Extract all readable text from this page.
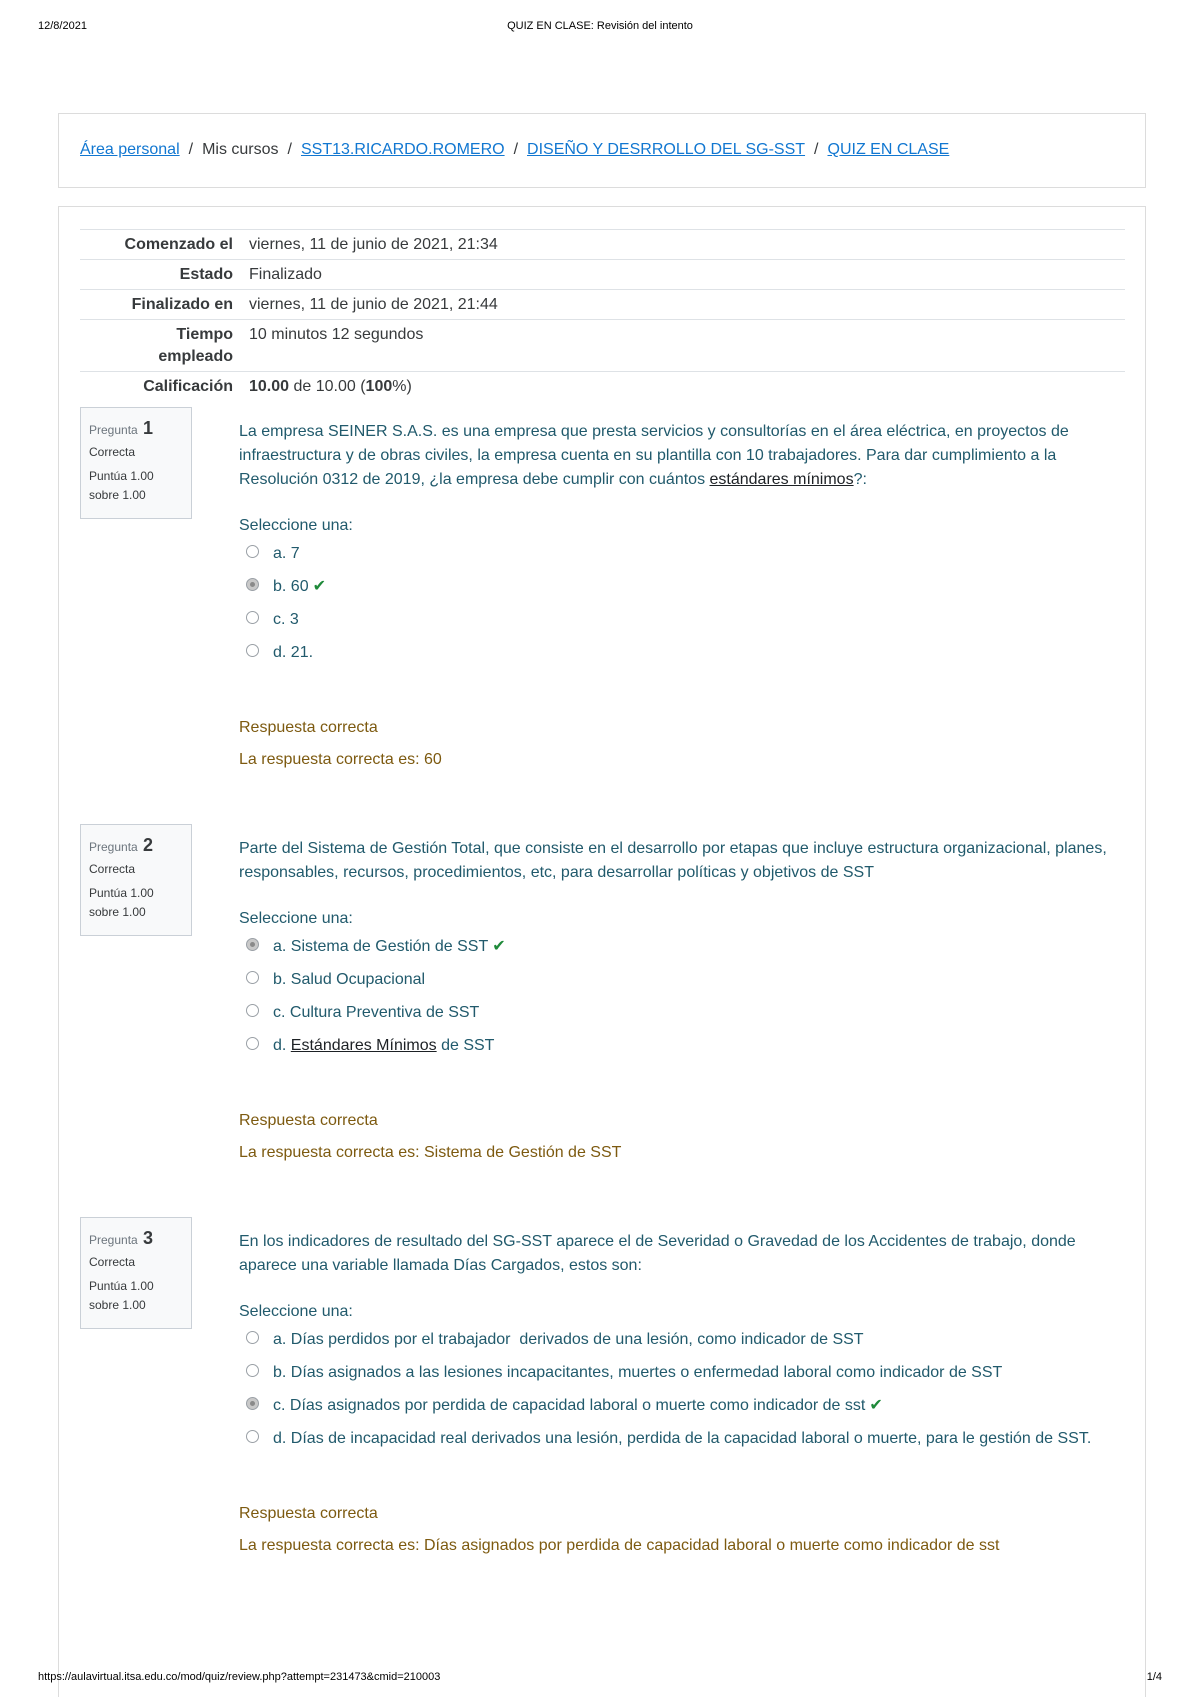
12/8/2021	QUIZ EN CLASE: Revisión del intento
Área personal / Mis cursos / SST13.RICARDO.ROMERO / DISEÑO Y DESRROLLO DEL SG-SST / QUIZ EN CLASE
Comenzado el	viernes, 11 de junio de 2021, 21:34
Estado	Finalizado
Finalizado en	viernes, 11 de junio de 2021, 21:44
Tiempo
empleado	10 minutos 12 segundos
Calificación	10.00 de 10.00 (100%)
Pregunta 1
Correcta
Puntúa 1.00
sobre 1.00
La empresa SEINER S.A.S. es una empresa que presta servicios y consultorías en el área eléctrica, en proyectos de infraestructura y de obras civiles, la empresa cuenta en su plantilla con 10 trabajadores. Para dar cumplimiento a la Resolución 0312 de 2019, ¿la empresa debe cumplir con cuántos estándares mínimos?:
Seleccione una:
a. 7
b. 60 ✔
c. 3
d. 21.
Respuesta correcta
La respuesta correcta es: 60
Pregunta 2
Correcta
Puntúa 1.00
sobre 1.00
Parte del Sistema de Gestión Total, que consiste en el desarrollo por etapas que incluye estructura organizacional, planes, responsables, recursos, procedimientos, etc, para desarrollar políticas y objetivos de SST
Seleccione una:
a. Sistema de Gestión de SST ✔
b. Salud Ocupacional
c. Cultura Preventiva de SST
d. Estándares Mínimos de SST
Respuesta correcta
La respuesta correcta es: Sistema de Gestión de SST
Pregunta 3
Correcta
Puntúa 1.00
sobre 1.00
En los indicadores de resultado del SG-SST aparece el de Severidad o Gravedad de los Accidentes de trabajo, donde aparece una variable llamada Días Cargados, estos son:
Seleccione una:
a. Días perdidos por el trabajador  derivados de una lesión, como indicador de SST
b. Días asignados a las lesiones incapacitantes, muertes o enfermedad laboral como indicador de SST
c. Días asignados por perdida de capacidad laboral o muerte como indicador de sst ✔
d. Días de incapacidad real derivados una lesión, perdida de la capacidad laboral o muerte, para le gestión de SST.
Respuesta correcta
La respuesta correcta es: Días asignados por perdida de capacidad laboral o muerte como indicador de sst
https://aulavirtual.itsa.edu.co/mod/quiz/review.php?attempt=231473&cmid=210003	1/4
